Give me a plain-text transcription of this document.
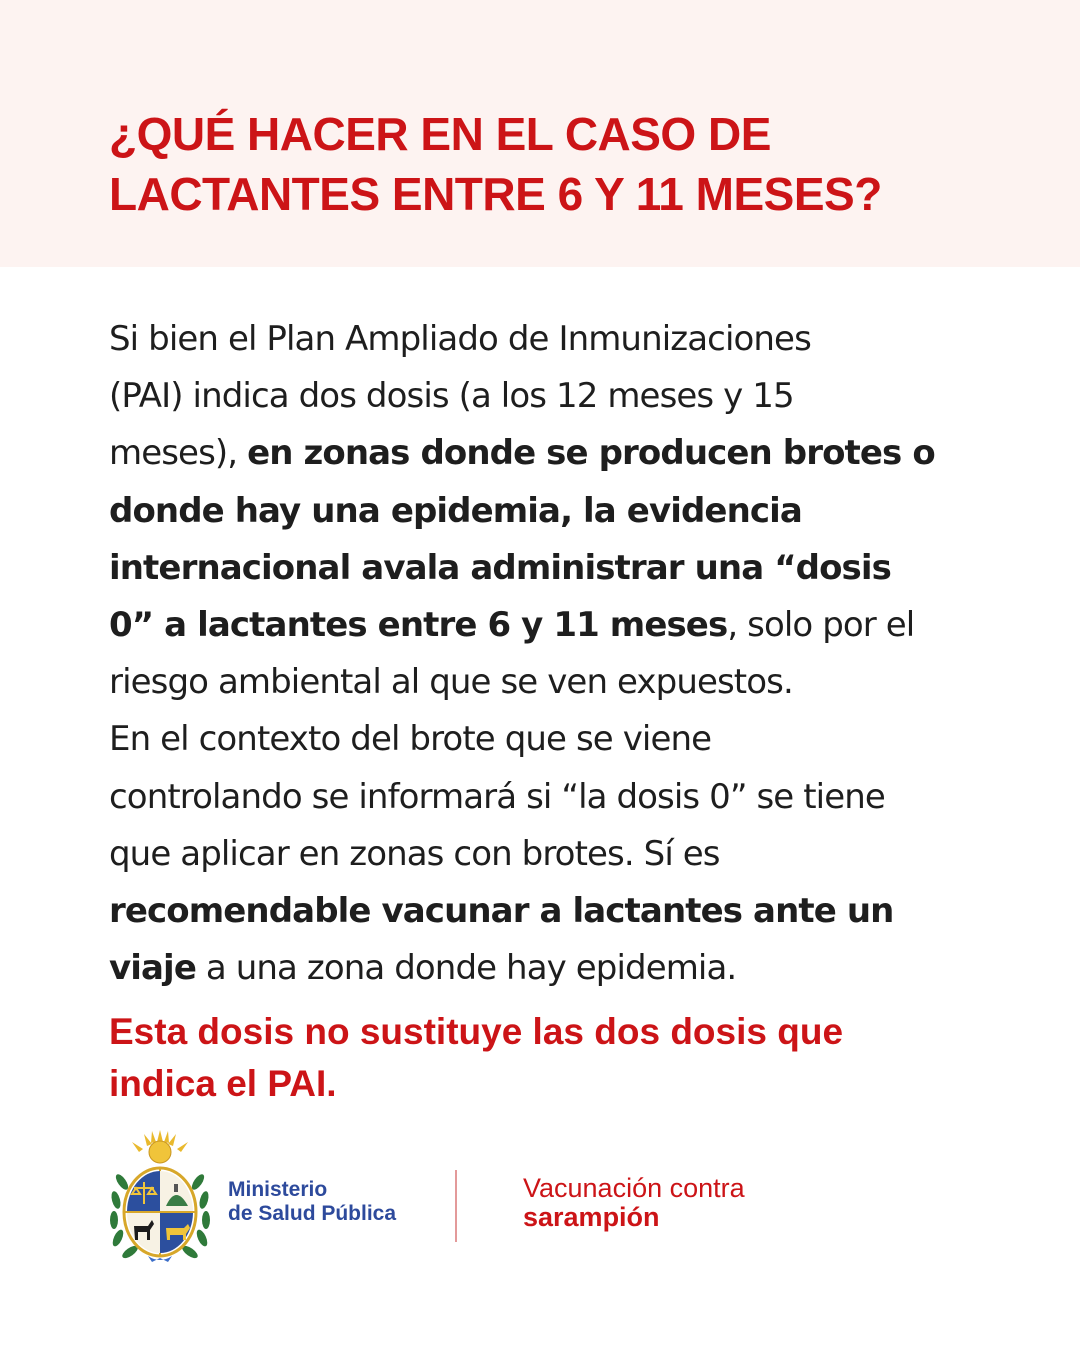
¿QUÉ HACER EN EL CASO DE
LACTANTES ENTRE 6 Y 11 MESES?
Si bien el Plan Ampliado de Inmunizaciones
(PAI) indica dos dosis (a los 12 meses y 15
meses), en zonas donde se producen brotes o
donde hay una epidemia, la evidencia
internacional avala administrar una “dosis
0” a lactantes entre 6 y 11 meses, solo por el
riesgo ambiental al que se ven expuestos.
En el contexto del brote que se viene
controlando se informará si “la dosis 0” se tiene
que aplicar en zonas con brotes. Sí es
recomendable vacunar a lactantes ante un
viaje a una zona donde hay epidemia.

Esta dosis no sustituye las dos dosis que
indica el PAI.

Ministerio
de Salud Pública
Vacunación contra
sarampión
